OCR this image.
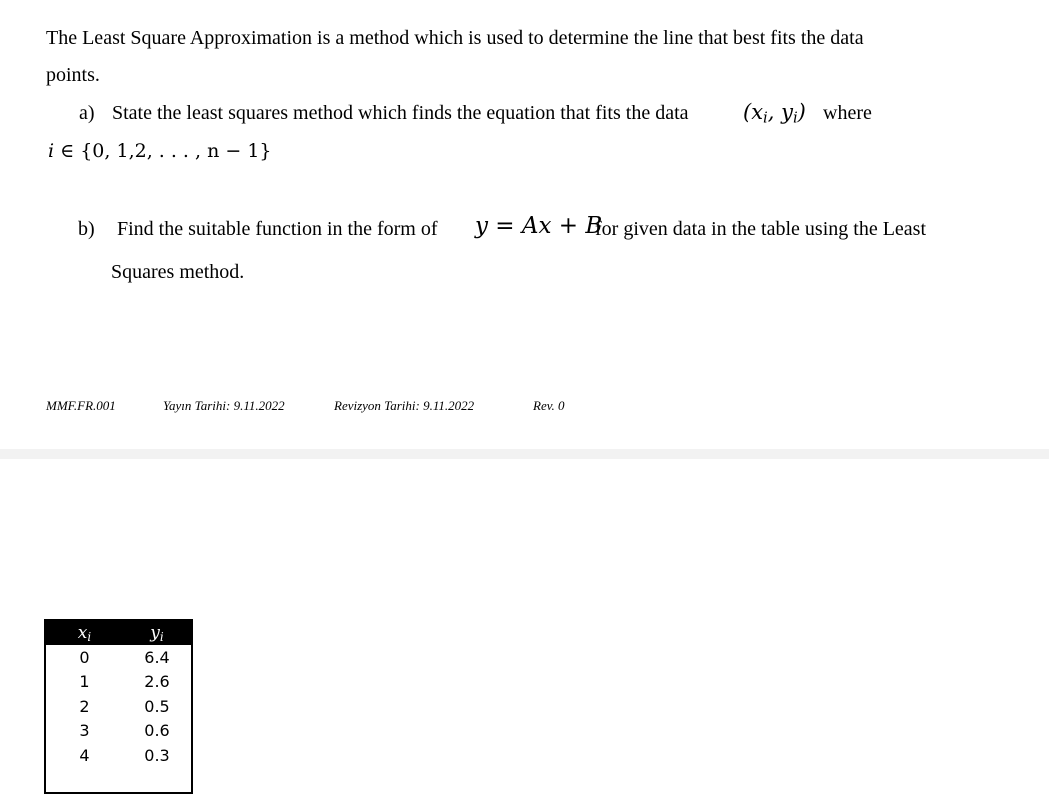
The Least Square Approximation is a method which is used to determine the line that best fits the data
points.
a) State the least squares method which finds the equation that fits the data	($x_i$, $y_i$) where
i ∈ {0, 1,2, . . . , n − 1}
b) Find the suitable function in the form of y = Ax + B
for given data in the table using the Least
Squares method.
MMF.FR.001	Yayın Tarihi: 9.11.2022	Revizyon Tarihi: 9.11.2022	Rev. 0
$x_i$	$y_i$
0	6.4
1	2.6
2	0.5
3	0.6
4	0.3
